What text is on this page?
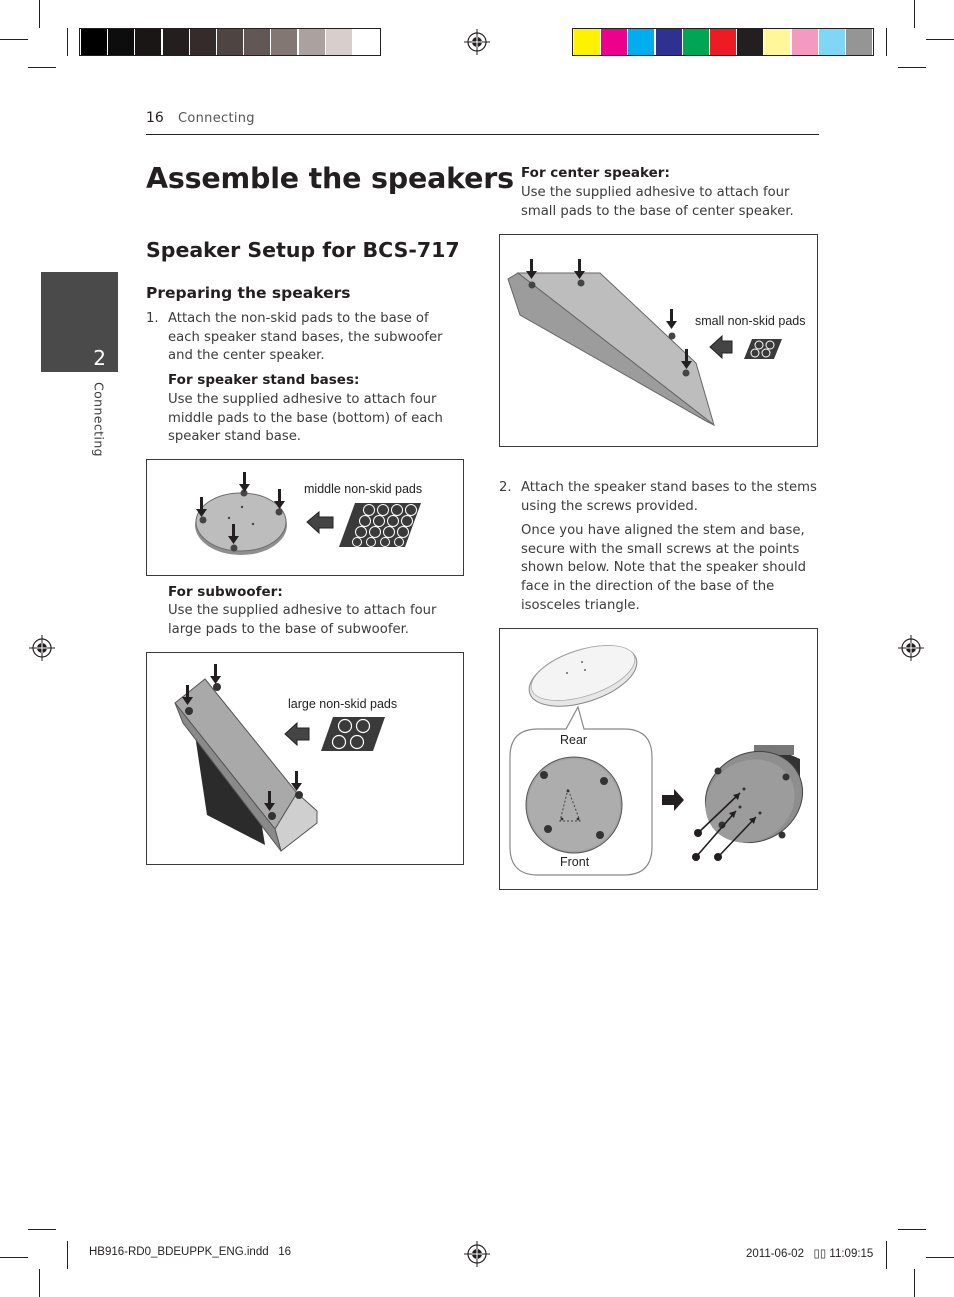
16 Connecting
2
Connecting
Assemble the speakers
Speaker Setup for BCS-717
Preparing the speakers
1. Attach the non-skid pads to the base of each speaker stand bases, the subwoofer and the center speaker.

For speaker stand bases:

Use the supplied adhesive to attach four middle pads to the base (bottom) of each speaker stand base.

middle non-skid pads

For subwoofer:

Use the supplied adhesive to attach four large pads to the base of subwoofer.

large non-skid pads

For center speaker:

Use the supplied adhesive to attach four small pads to the base of center speaker.

small non-skid pads
2. Attach the speaker stand bases to the stems using the screws provided.

Once you have aligned the stem and base, secure with the small screws at the points shown below. Note that the speaker should face in the direction of the base of the isosceles triangle.

Rear
Front
HB916-RD0_BDEUPPK_ENG.indd   16	2011-06-02   ▯▯ 11:09:15
